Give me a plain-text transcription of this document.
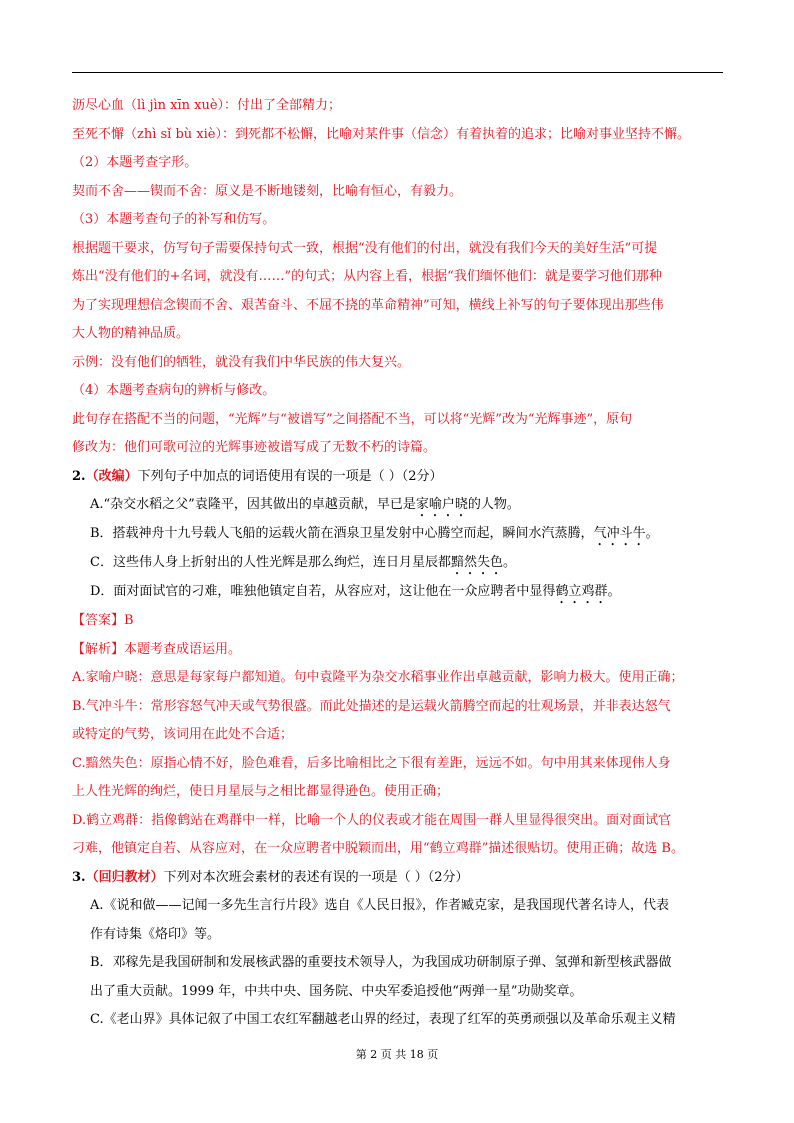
沥尽心血（lì jìn xīn xuè）：付出了全部精力；

至死不懈（zhì sǐ bù xiè）：到死都不松懈，比喻对某件事（信念）有着执着的追求；比喻对事业坚持不懈。

（2）本题考查字形。

契而不舍——锲而不舍：原义是不断地镂刻，比喻有恒心，有毅力。

（3）本题考查句子的补写和仿写。

根据题干要求，仿写句子需要保持句式一致，根据“没有他们的付出，就没有我们今天的美好生活”可提

炼出“没有他们的+名词，就没有……”的句式；从内容上看，根据“我们缅怀他们：就是要学习他们那种

为了实现理想信念锲而不舍、艰苦奋斗、不屈不挠的革命精神”可知，横线上补写的句子要体现出那些伟

大人物的精神品质。

示例：没有他们的牺牲，就没有我们中华民族的伟大复兴。

（4）本题考查病句的辨析与修改。

此句存在搭配不当的问题，“光辉”与“被谱写”之间搭配不当，可以将“光辉”改为“光辉事迹”，原句

修改为：他们可歌可泣的光辉事迹被谱写成了无数不朽的诗篇。

2.（改编）下列句子中加点的词语使用有误的一项是（ ）（2分）

A.“杂交水稻之父”袁隆平，因其做出的卓越贡献，早已是家喻户晓的人物。

B．搭载神舟十九号载人飞船的运载火箭在酒泉卫星发射中心腾空而起，瞬间水汽蒸腾，气冲斗牛。

C．这些伟人身上折射出的人性光辉是那么绚烂，连日月星辰都黯然失色。

D．面对面试官的刁难，唯独他镇定自若，从容应对，这让他在一众应聘者中显得鹤立鸡群。

【答案】B

【解析】本题考查成语运用。

A.家喻户晓：意思是每家每户都知道。句中袁隆平为杂交水稻事业作出卓越贡献，影响力极大。使用正确；

B.气冲斗牛：常形容怒气冲天或气势很盛。而此处描述的是运载火箭腾空而起的壮观场景，并非表达怒气

或特定的气势，该词用在此处不合适；

C.黯然失色：原指心情不好，脸色难看，后多比喻相比之下很有差距，远远不如。句中用其来体现伟人身

上人性光辉的绚烂，使日月星辰与之相比都显得逊色。使用正确；

D.鹤立鸡群：指像鹤站在鸡群中一样，比喻一个人的仪表或才能在周围一群人里显得很突出。面对面试官

刁难，他镇定自若、从容应对，在一众应聘者中脱颖而出，用“鹤立鸡群”描述很贴切。使用正确；故选 B。

3.（回归教材）下列对本次班会素材的表述有误的一项是（ ）（2分）

A.《说和做——记闻一多先生言行片段》选自《人民日报》，作者臧克家，是我国现代著名诗人，代表

作有诗集《烙印》等。

B．邓稼先是我国研制和发展核武器的重要技术领导人，为我国成功研制原子弹、氢弹和新型核武器做

出了重大贡献。1999 年，中共中央、国务院、中央军委追授他“两弹一星”功勋奖章。

C.《老山界》具体记叙了中国工农红军翻越老山界的经过，表现了红军的英勇顽强以及革命乐观主义精

第 2 页 共 18 页
